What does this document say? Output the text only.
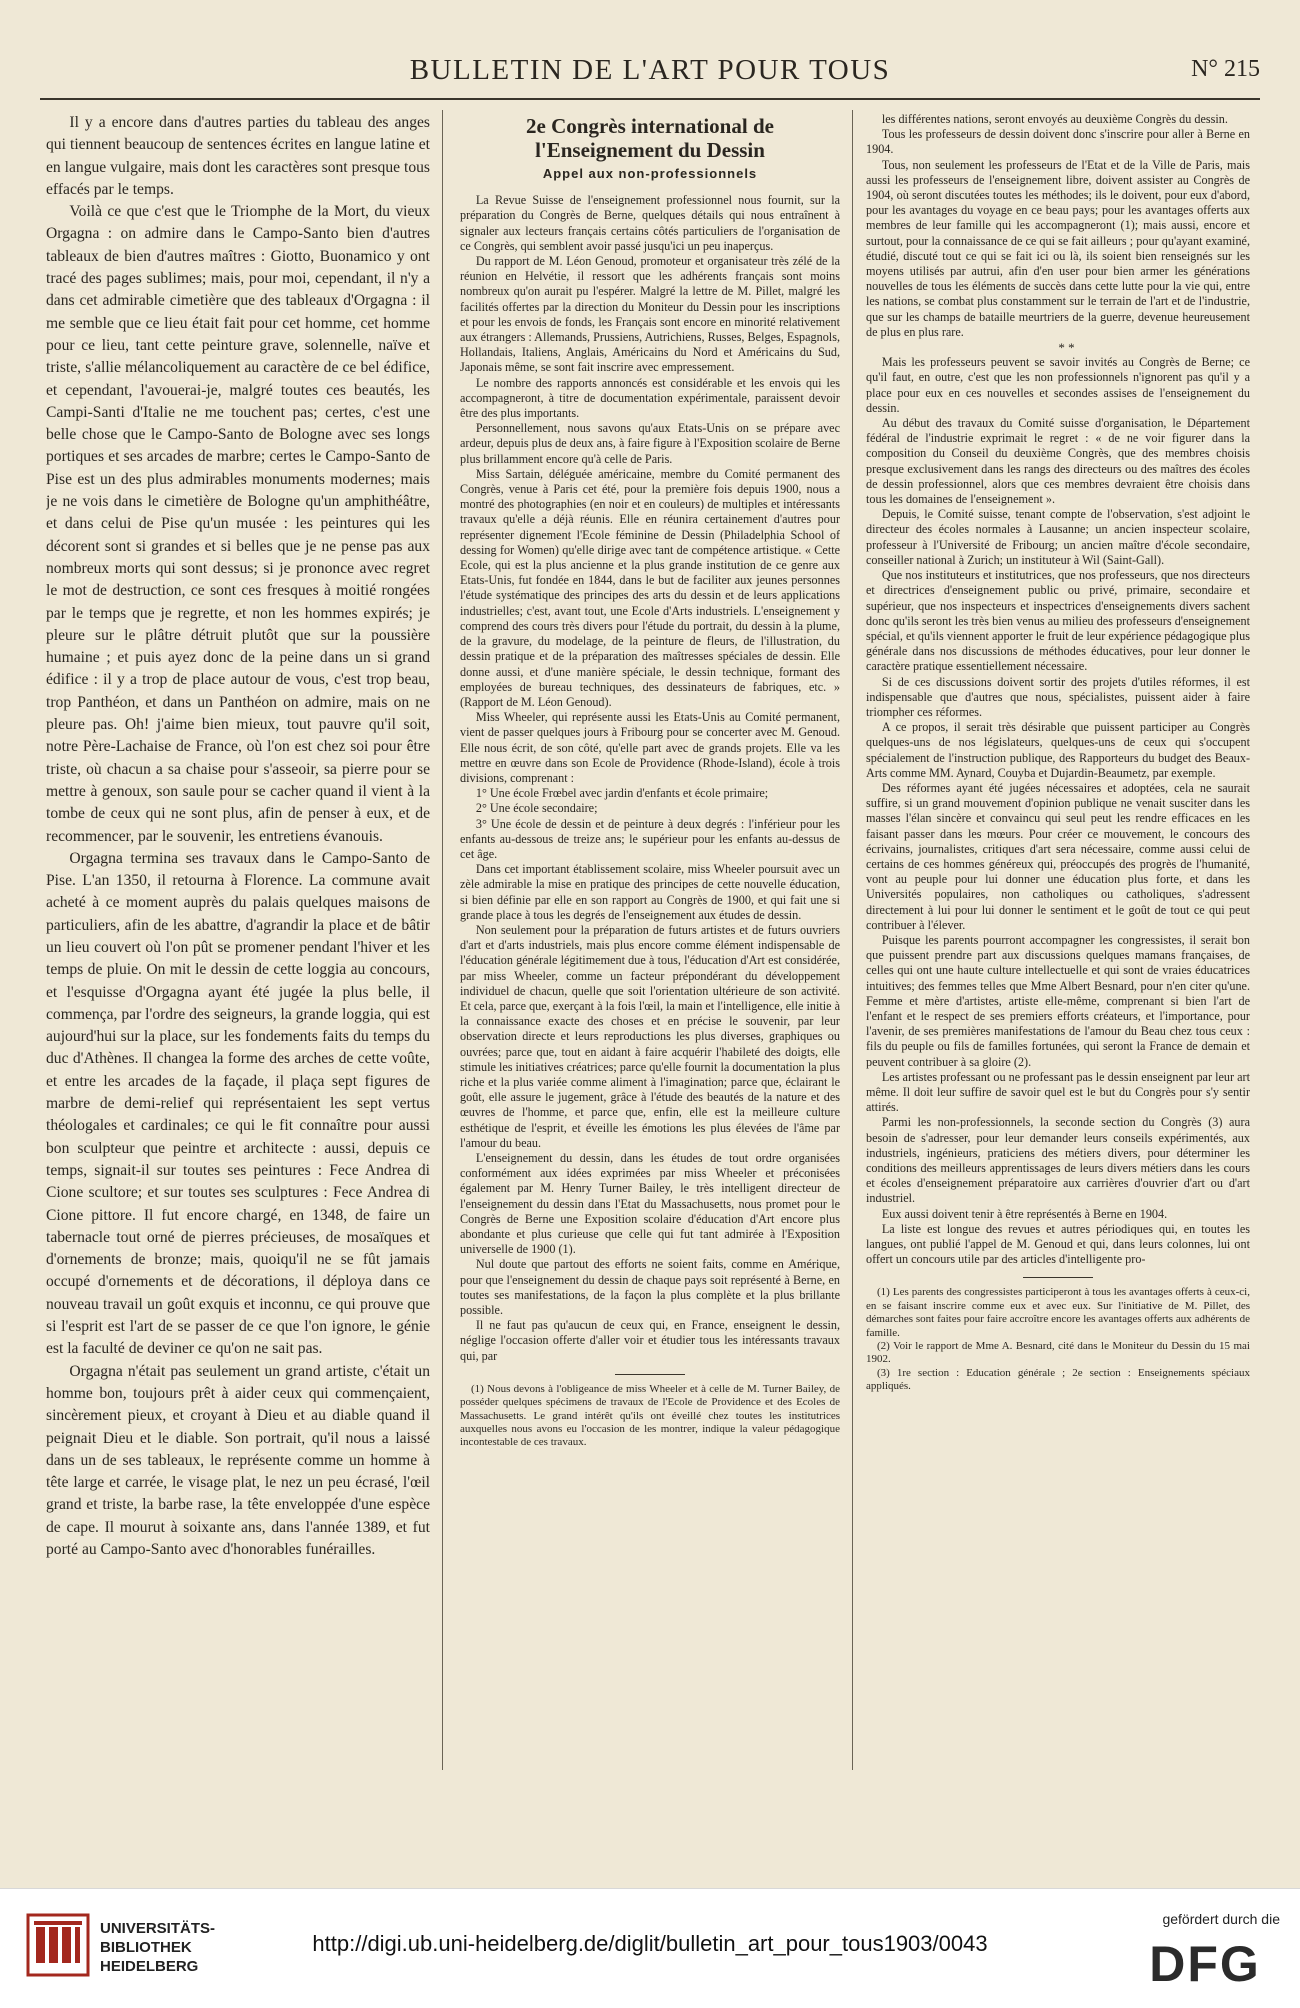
BULLETIN DE L'ART POUR TOUS	N° 215

Il y a encore dans d'autres parties du tableau des anges qui tiennent beaucoup de sentences écrites en langue latine et en langue vulgaire, mais dont les caractères sont presque tous effacés par le temps.

Voilà ce que c'est que le Triomphe de la Mort, du vieux Orgagna : on admire dans le Campo-Santo bien d'autres tableaux de bien d'autres maîtres : Giotto, Buonamico y ont tracé des pages sublimes; mais, pour moi, cependant, il n'y a dans cet admirable cimetière que des tableaux d'Orgagna : il me semble que ce lieu était fait pour cet homme, cet homme pour ce lieu, tant cette peinture grave, solennelle, naïve et triste, s'allie mélancoliquement au caractère de ce bel édifice, et cependant, l'avouerai-je, malgré toutes ces beautés, les Campi-Santi d'Italie ne me touchent pas; certes, c'est une belle chose que le Campo-Santo de Bologne avec ses longs portiques et ses arcades de marbre; certes le Campo-Santo de Pise est un des plus admirables monuments modernes; mais je ne vois dans le cimetière de Bologne qu'un amphithéâtre, et dans celui de Pise qu'un musée : les peintures qui les décorent sont si grandes et si belles que je ne pense pas aux nombreux morts qui sont dessus; si je prononce avec regret le mot de destruction, ce sont ces fresques à moitié rongées par le temps que je regrette, et non les hommes expirés; je pleure sur le plâtre détruit plutôt que sur la poussière humaine ; et puis ayez donc de la peine dans un si grand édifice : il y a trop de place autour de vous, c'est trop beau, trop Panthéon, et dans un Panthéon on admire, mais on ne pleure pas. Oh! j'aime bien mieux, tout pauvre qu'il soit, notre Père-Lachaise de France, où l'on est chez soi pour être triste, où chacun a sa chaise pour s'asseoir, sa pierre pour se mettre à genoux, son saule pour se cacher quand il vient à la tombe de ceux qui ne sont plus, afin de penser à eux, et de recommencer, par le souvenir, les entretiens évanouis.

Orgagna termina ses travaux dans le Campo-Santo de Pise. L'an 1350, il retourna à Florence. La commune avait acheté à ce moment auprès du palais quelques maisons de particuliers, afin de les abattre, d'agrandir la place et de bâtir un lieu couvert où l'on pût se promener pendant l'hiver et les temps de pluie. On mit le dessin de cette loggia au concours, et l'esquisse d'Orgagna ayant été jugée la plus belle, il commença, par l'ordre des seigneurs, la grande loggia, qui est aujourd'hui sur la place, sur les fondements faits du temps du duc d'Athènes. Il changea la forme des arches de cette voûte, et entre les arcades de la façade, il plaça sept figures de marbre de demi-relief qui représentaient les sept vertus théologales et cardinales; ce qui le fit connaître pour aussi bon sculpteur que peintre et architecte : aussi, depuis ce temps, signait-il sur toutes ses peintures : Fece Andrea di Cione scultore; et sur toutes ses sculptures : Fece Andrea di Cione pittore. Il fut encore chargé, en 1348, de faire un tabernacle tout orné de pierres précieuses, de mosaïques et d'ornements de bronze; mais, quoiqu'il ne se fût jamais occupé d'ornements et de décorations, il déploya dans ce nouveau travail un goût exquis et inconnu, ce qui prouve que si l'esprit est l'art de se passer de ce que l'on ignore, le génie est la faculté de deviner ce qu'on ne sait pas.

Orgagna n'était pas seulement un grand artiste, c'était un homme bon, toujours prêt à aider ceux qui commençaient, sincèrement pieux, et croyant à Dieu et au diable quand il peignait Dieu et le diable. Son portrait, qu'il nous a laissé dans un de ses tableaux, le représente comme un homme à tête large et carrée, le visage plat, le nez un peu écrasé, l'œil grand et triste, la barbe rase, la tête enveloppée d'une espèce de cape. Il mourut à soixante ans, dans l'année 1389, et fut porté au Campo-Santo avec d'honorables funérailles.

2e Congrès international de l'Enseignement du Dessin

Appel aux non-professionnels

La Revue Suisse de l'enseignement professionnel nous fournit, sur la préparation du Congrès de Berne, quelques détails qui nous entraînent à signaler aux lecteurs français certains côtés particuliers de l'organisation de ce Congrès, qui semblent avoir passé jusqu'ici un peu inaperçus.

Du rapport de M. Léon Genoud, promoteur et organisateur très zélé de la réunion en Helvétie, il ressort que les adhérents français sont moins nombreux qu'on aurait pu l'espérer. Malgré la lettre de M. Pillet, malgré les facilités offertes par la direction du Moniteur du Dessin pour les inscriptions et pour les envois de fonds, les Français sont encore en minorité relativement aux étrangers : Allemands, Prussiens, Autrichiens, Russes, Belges, Espagnols, Hollandais, Italiens, Anglais, Américains du Nord et Américains du Sud, Japonais même, se sont fait inscrire avec empressement.

Le nombre des rapports annoncés est considérable et les envois qui les accompagneront, à titre de documentation expérimentale, paraissent devoir être des plus importants.

Personnellement, nous savons qu'aux Etats-Unis on se prépare avec ardeur, depuis plus de deux ans, à faire figure à l'Exposition scolaire de Berne plus brillamment encore qu'à celle de Paris.

Miss Sartain, déléguée américaine, membre du Comité permanent des Congrès, venue à Paris cet été, pour la première fois depuis 1900, nous a montré des photographies (en noir et en couleurs) de multiples et intéressants travaux qu'elle a déjà réunis. Elle en réunira certainement d'autres pour représenter dignement l'Ecole féminine de Dessin (Philadelphia School of dessing for Women) qu'elle dirige avec tant de compétence artistique. « Cette Ecole, qui est la plus ancienne et la plus grande institution de ce genre aux Etats-Unis, fut fondée en 1844, dans le but de faciliter aux jeunes personnes l'étude systématique des principes des arts du dessin et de leurs applications industrielles; c'est, avant tout, une Ecole d'Arts industriels. L'enseignement y comprend des cours très divers pour l'étude du portrait, du dessin à la plume, de la gravure, du modelage, de la peinture de fleurs, de l'illustration, du dessin pratique et de la préparation des maîtresses spéciales de dessin. Elle donne aussi, et d'une manière spéciale, le dessin technique, formant des employées de bureau techniques, des dessinateurs de fabriques, etc. » (Rapport de M. Léon Genoud).

Miss Wheeler, qui représente aussi les Etats-Unis au Comité permanent, vient de passer quelques jours à Fribourg pour se concerter avec M. Genoud. Elle nous écrit, de son côté, qu'elle part avec de grands projets. Elle va les mettre en œuvre dans son Ecole de Providence (Rhode-Island), école à trois divisions, comprenant :

1° Une école Frœbel avec jardin d'enfants et école primaire;

2° Une école secondaire;

3° Une école de dessin et de peinture à deux degrés : l'inférieur pour les enfants au-dessous de treize ans; le supérieur pour les enfants au-dessus de cet âge.

Dans cet important établissement scolaire, miss Wheeler poursuit avec un zèle admirable la mise en pratique des principes de cette nouvelle éducation, si bien définie par elle en son rapport au Congrès de 1900, et qui fait une si grande place à tous les degrés de l'enseignement aux études de dessin.

Non seulement pour la préparation de futurs artistes et de futurs ouvriers d'art et d'arts industriels, mais plus encore comme élément indispensable de l'éducation générale légitimement due à tous, l'éducation d'Art est considérée, par miss Wheeler, comme un facteur prépondérant du développement individuel de chacun, quelle que soit l'orientation ultérieure de son activité. Et cela, parce que, exerçant à la fois l'œil, la main et l'intelligence, elle initie à la connaissance exacte des choses et en précise le souvenir, par leur observation directe et leurs reproductions les plus diverses, graphiques ou ouvrées; parce que, tout en aidant à faire acquérir l'habileté des doigts, elle stimule les initiatives créatrices; parce qu'elle fournit la documentation la plus riche et la plus variée comme aliment à l'imagination; parce que, éclairant le goût, elle assure le jugement, grâce à l'étude des beautés de la nature et des œuvres de l'homme, et parce que, enfin, elle est la meilleure culture esthétique de l'esprit, et éveille les émotions les plus élevées de l'âme par l'amour du beau.

L'enseignement du dessin, dans les études de tout ordre organisées conformément aux idées exprimées par miss Wheeler et préconisées également par M. Henry Turner Bailey, le très intelligent directeur de l'enseignement du dessin dans l'Etat du Massachusetts, nous promet pour le Congrès de Berne une Exposition scolaire d'éducation d'Art encore plus abondante et plus curieuse que celle qui fut tant admirée à l'Exposition universelle de 1900 (1).

Nul doute que partout des efforts ne soient faits, comme en Amérique, pour que l'enseignement du dessin de chaque pays soit représenté à Berne, en toutes ses manifestations, de la façon la plus complète et la plus brillante possible.

Il ne faut pas qu'aucun de ceux qui, en France, enseignent le dessin, néglige l'occasion offerte d'aller voir et étudier tous les intéressants travaux qui, par

(1) Nous devons à l'obligeance de miss Wheeler et à celle de M. Turner Bailey, de posséder quelques spécimens de travaux de l'Ecole de Providence et des Ecoles de Massachusetts. Le grand intérêt qu'ils ont éveillé chez toutes les institutrices auxquelles nous avons eu l'occasion de les montrer, indique la valeur pédagogique incontestable de ces travaux.

les différentes nations, seront envoyés au deuxième Congrès du dessin.

Tous les professeurs de dessin doivent donc s'inscrire pour aller à Berne en 1904.

Tous, non seulement les professeurs de l'Etat et de la Ville de Paris, mais aussi les professeurs de l'enseignement libre, doivent assister au Congrès de 1904, où seront discutées toutes les méthodes; ils le doivent, pour eux d'abord, pour les avantages du voyage en ce beau pays; pour les avantages offerts aux membres de leur famille qui les accompagneront (1); mais aussi, encore et surtout, pour la connaissance de ce qui se fait ailleurs ; pour qu'ayant examiné, étudié, discuté tout ce qui se fait ici ou là, ils soient bien renseignés sur les moyens utilisés par autrui, afin d'en user pour bien armer les générations nouvelles de tous les éléments de succès dans cette lutte pour la vie qui, entre les nations, se combat plus constamment sur le terrain de l'art et de l'industrie, que sur les champs de bataille meurtriers de la guerre, devenue heureusement de plus en plus rare.

* *

Mais les professeurs peuvent se savoir invités au Congrès de Berne; ce qu'il faut, en outre, c'est que les non professionnels n'ignorent pas qu'il y a place pour eux en ces nouvelles et secondes assises de l'enseignement du dessin.

Au début des travaux du Comité suisse d'organisation, le Département fédéral de l'industrie exprimait le regret : « de ne voir figurer dans la composition du Conseil du deuxième Congrès, que des membres choisis presque exclusivement dans les rangs des directeurs ou des maîtres des écoles de dessin professionnel, alors que ces membres devraient être choisis dans tous les domaines de l'enseignement ».

Depuis, le Comité suisse, tenant compte de l'observation, s'est adjoint le directeur des écoles normales à Lausanne; un ancien inspecteur scolaire, professeur à l'Université de Fribourg; un ancien maître d'école secondaire, conseiller national à Zurich; un instituteur à Wil (Saint-Gall).

Que nos instituteurs et institutrices, que nos professeurs, que nos directeurs et directrices d'enseignement public ou privé, primaire, secondaire et supérieur, que nos inspecteurs et inspectrices d'enseignements divers sachent donc qu'ils seront les très bien venus au milieu des professeurs d'enseignement spécial, et qu'ils viennent apporter le fruit de leur expérience pédagogique plus générale dans nos discussions de méthodes éducatives, pour leur donner le caractère pratique essentiellement nécessaire.

Si de ces discussions doivent sortir des projets d'utiles réformes, il est indispensable que d'autres que nous, spécialistes, puissent aider à faire triompher ces réformes.

A ce propos, il serait très désirable que puissent participer au Congrès quelques-uns de nos législateurs, quelques-uns de ceux qui s'occupent spécialement de l'instruction publique, des Rapporteurs du budget des Beaux-Arts comme MM. Aynard, Couyba et Dujardin-Beaumetz, par exemple.

Des réformes ayant été jugées nécessaires et adoptées, cela ne saurait suffire, si un grand mouvement d'opinion publique ne venait susciter dans les masses l'élan sincère et convaincu qui seul peut les rendre efficaces en les faisant passer dans les mœurs. Pour créer ce mouvement, le concours des écrivains, journalistes, critiques d'art sera nécessaire, comme aussi celui de certains de ces hommes généreux qui, préoccupés des progrès de l'humanité, vont au peuple pour lui donner une éducation plus forte, et dans les Universités populaires, non catholiques ou catholiques, s'adressent directement à lui pour lui donner le sentiment et le goût de tout ce qui peut contribuer à l'élever.

Puisque les parents pourront accompagner les congressistes, il serait bon que puissent prendre part aux discussions quelques mamans françaises, de celles qui ont une haute culture intellectuelle et qui sont de vraies éducatrices intuitives; des femmes telles que Mme Albert Besnard, pour n'en citer qu'une. Femme et mère d'artistes, artiste elle-même, comprenant si bien l'art de l'enfant et le respect de ses premiers efforts créateurs, et l'importance, pour l'avenir, de ses premières manifestations de l'amour du Beau chez tous ceux : fils du peuple ou fils de familles fortunées, qui seront la France de demain et peuvent contribuer à sa gloire (2).

Les artistes professant ou ne professant pas le dessin enseignent par leur art même. Il doit leur suffire de savoir quel est le but du Congrès pour s'y sentir attirés.

Parmi les non-professionnels, la seconde section du Congrès (3) aura besoin de s'adresser, pour leur demander leurs conseils expérimentés, aux industriels, ingénieurs, praticiens des métiers divers, pour déterminer les conditions des meilleurs apprentissages de leurs divers métiers dans les cours et écoles d'enseignement préparatoire aux carrières d'ouvrier d'art ou d'art industriel.

Eux aussi doivent tenir à être représentés à Berne en 1904.

La liste est longue des revues et autres périodiques qui, en toutes les langues, ont publié l'appel de M. Genoud et qui, dans leurs colonnes, lui ont offert un concours utile par des articles d'intelligente pro-

(1) Les parents des congressistes participeront à tous les avantages offerts à ceux-ci, en se faisant inscrire comme eux et avec eux. Sur l'initiative de M. Pillet, des démarches sont faites pour faire accroître encore les avantages offerts aux adhérents de famille.

(2) Voir le rapport de Mme A. Besnard, cité dans le Moniteur du Dessin du 15 mai 1902.

(3) 1re section : Education générale ; 2e section : Enseignements spéciaux appliqués.

UNIVERSITÄTS-
BIBLIOTHEK
HEIDELBERG
http://digi.ub.uni-heidelberg.de/diglit/bulletin_art_pour_tous1903/0043
gefördert durch die
DFG
